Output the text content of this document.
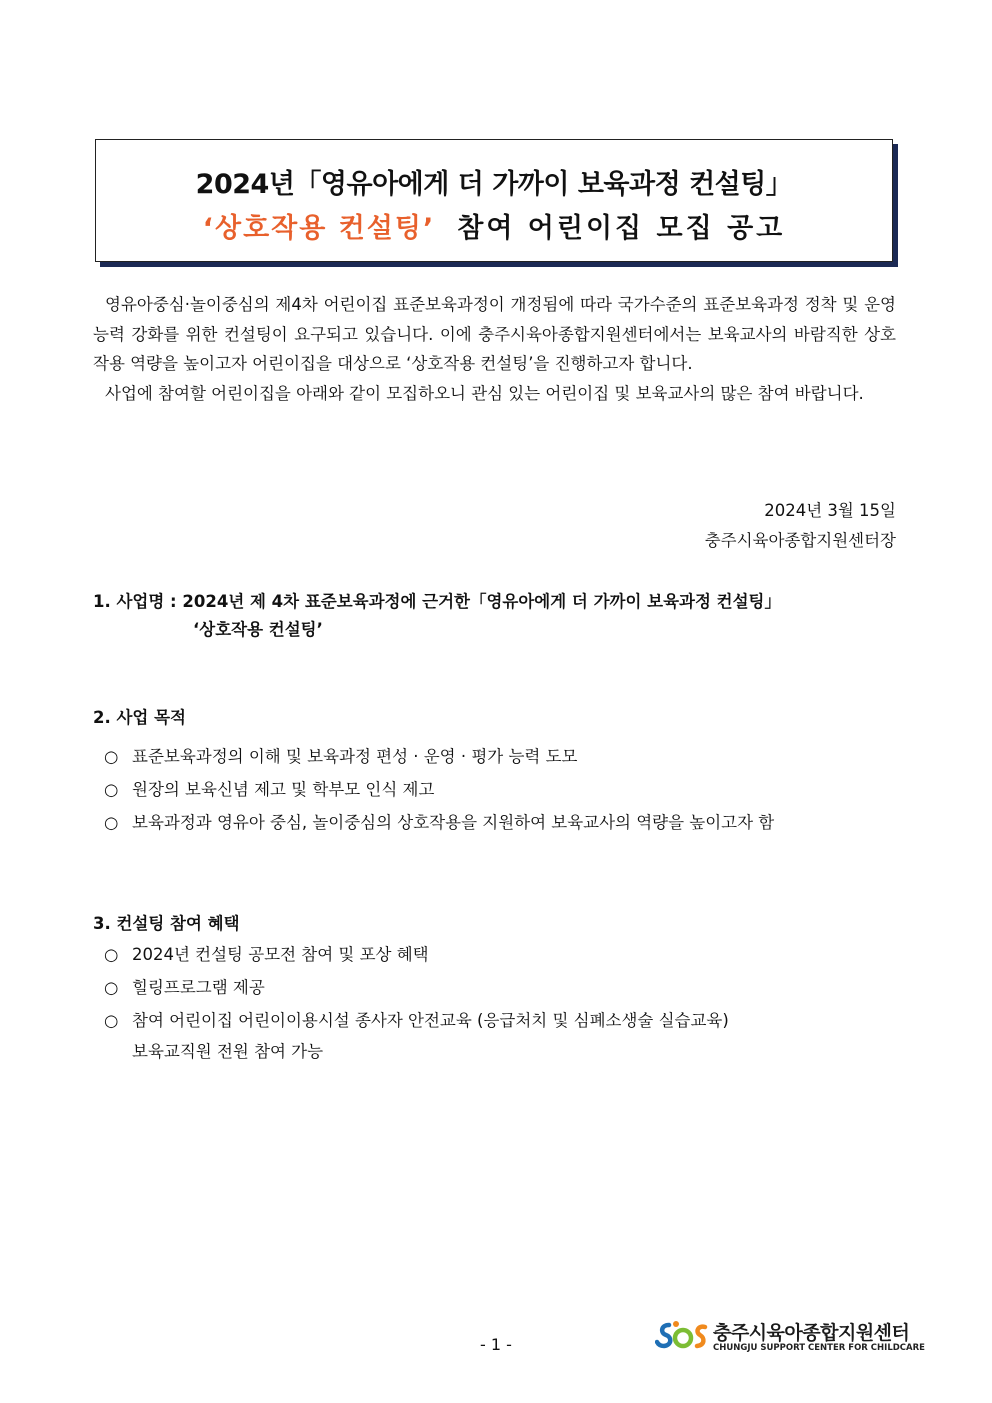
2024년「영유아에게 더 가까이 보육과정 컨설팅」
‘상호작용 컨설팅’ 참여 어린이집 모집 공고

영유아중심·놀이중심의 제4차 어린이집 표준보육과정이 개정됨에 따라 국가수준의 표준보육과정 정착 및 운영능력 강화를 위한 컨설팅이 요구되고 있습니다. 이에 충주시육아종합지원센터에서는 보육교사의 바람직한 상호작용 역량을 높이고자 어린이집을 대상으로 ‘상호작용 컨설팅’을 진행하고자 합니다.

사업에 참여할 어린이집을 아래와 같이 모집하오니 관심 있는 어린이집 및 보육교사의 많은 참여 바랍니다.

2024년 3월 15일
충주시육아종합지원센터장
1. 사업명 : 2024년 제 4차 표준보육과정에 근거한「영유아에게 더 가까이 보육과정 컨설팅」
‘상호작용 컨설팅’
2. 사업 목적
○ 표준보육과정의 이해 및 보육과정 편성 · 운영 · 평가 능력 도모
○ 원장의 보육신념 제고 및 학부모 인식 제고
○ 보육과정과 영유아 중심, 놀이중심의 상호작용을 지원하여 보육교사의 역량을 높이고자 함
3. 컨설팅 참여 혜택
○ 2024년 컨설팅 공모전 참여 및 포상 혜택
○ 힐링프로그램 제공
○ 참여 어린이집 어린이이용시설 종사자 안전교육 (응급처치 및 심폐소생술 실습교육)
보육교직원 전원 참여 가능
- 1 -
충주시육아종합지원센터
CHUNGJU SUPPORT CENTER FOR CHILDCARE
